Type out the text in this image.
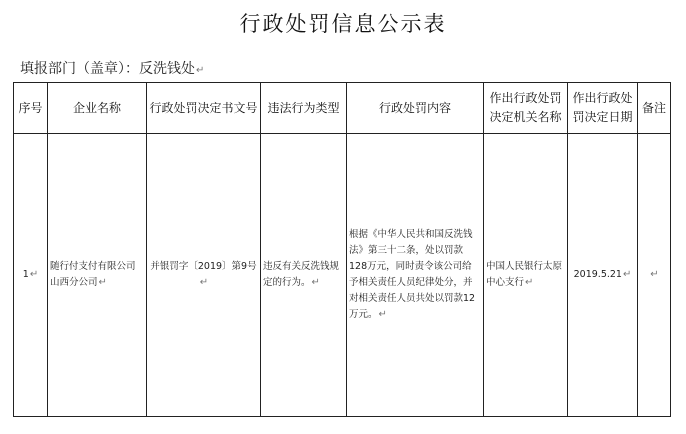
行政处罚信息公示表
填报部门（盖章）：反洗钱处↵
序号	企业名称	行政处罚决定书文号	违法行为类型	行政处罚内容	作出行政处罚决定机关名称	作出行政处罚决定日期	备注
1↵	随行付支付有限公司山西分公司↵	并银罚字〔2019〕第9号↵	违反有关反洗钱规定的行为。↵	根据《中华人民共和国反洗钱法》第三十二条，处以罚款128万元，同时责令该公司给予相关责任人员纪律处分，并对相关责任人员共处以罚款12万元。↵	中国人民银行太原中心支行↵	2019.5.21↵	↵
